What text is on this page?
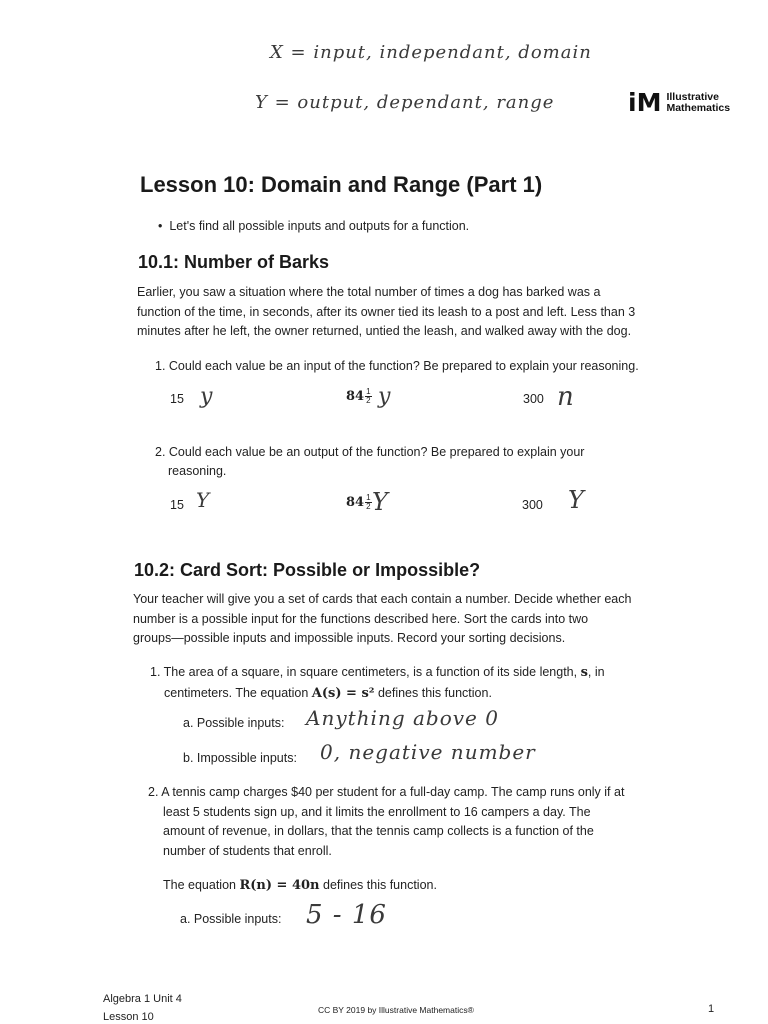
X = input, independant, domain
Y = output, dependant, range	iM Illustrative
Mathematics
Lesson 10: Domain and Range (Part 1)
• Let's find all possible inputs and outputs for a function.
10.1: Number of Barks
Earlier, you saw a situation where the total number of times a dog has barked was a
function of the time, in seconds, after its owner tied its leash to a post and left. Less than 3
minutes after he left, the owner returned, untied the leash, and walked away with the dog.
1. Could each value be an input of the function? Be prepared to explain your reasoning.
15 y	$84 \frac{1}{2}$ y	300 n
2. Could each value be an output of the function? Be prepared to explain your
reasoning.
15 Y	$84 \frac{1}{2}$ Y	300 Y
10.2: Card Sort: Possible or Impossible?
Your teacher will give you a set of cards that each contain a number. Decide whether each
number is a possible input for the functions described here. Sort the cards into two
groups—possible inputs and impossible inputs. Record your sorting decisions.
1. The area of a square, in square centimeters, is a function of its side length, s, in
centimeters. The equation A(s) = s² defines this function.
a. Possible inputs: Anything above 0
b. Impossible inputs: 0, negative number
2. A tennis camp charges $40 per student for a full-day camp. The camp runs only if at
least 5 students sign up, and it limits the enrollment to 16 campers a day. The
amount of revenue, in dollars, that the tennis camp collects is a function of the
number of students that enroll.
The equation R(n) = 40n defines this function.
a. Possible inputs: 5 - 16
Algebra 1 Unit 4
Lesson 10
CC BY 2019 by Illustrative Mathematics®	1
